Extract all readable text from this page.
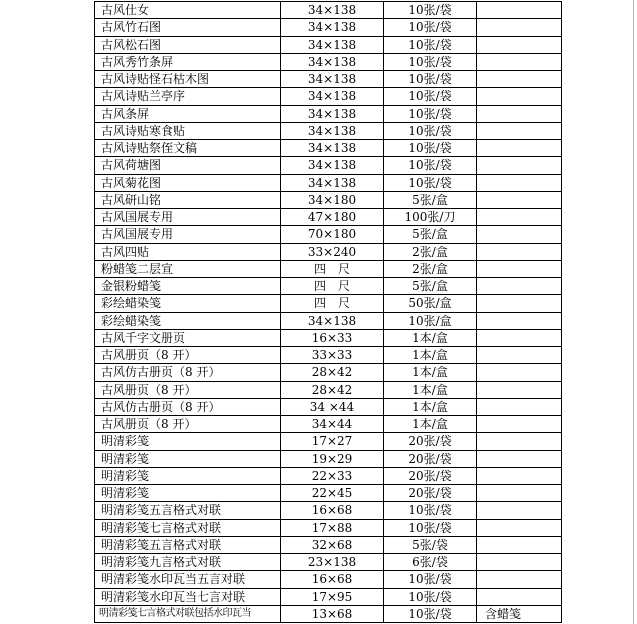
古风仕女	34×138	10张/袋	
古风竹石图	34×138	10张/袋	
古风松石图	34×138	10张/袋	
古风秀竹条屏	34×138	10张/袋	
古风诗贴怪石枯木图	34×138	10张/袋	
古风诗贴兰亭序	34×138	10张/袋	
古风条屏	34×138	10张/袋	
古风诗贴寒食贴	34×138	10张/袋	
古风诗贴祭侄文稿	34×138	10张/袋	
古风荷塘图	34×138	10张/袋	
古风菊花图	34×138	10张/袋	
古风研山铭	34×180	5张/盒	
古风国展专用	47×180	100张/刀	
古风国展专用	70×180	5张/盒	
古风四贴	33×240	2张/盒	
粉蜡笺二层宣	四　尺	2张/盒	
金银粉蜡笺	四　尺	5张/盒	
彩绘蜡染笺	四　尺	50张/盒	
彩绘蜡染笺	34×138	10张/盒	
古风千字文册页	16×33	1本/盒	
古风册页（8 开）	33×33	1本/盒	
古风仿古册页（8 开）	28×42	1本/盒	
古风册页（8 开）	28×42	1本/盒	
古风仿古册页（8 开）	34 ×44	1本/盒	
古风册页（8 开）	34×44	1本/盒	
明清彩笺	17×27	20张/袋	
明清彩笺	19×29	20张/袋	
明清彩笺	22×33	20张/袋	
明清彩笺	22×45	20张/袋	
明清彩笺五言格式对联	16×68	10张/袋	
明清彩笺七言格式对联	17×88	10张/袋	
明清彩笺五言格式对联	32×68	5张/袋	
明清彩笺九言格式对联	23×138	6张/袋	
明清彩笺水印瓦当五言对联	16×68	10张/袋	
明清彩笺水印瓦当七言对联	17×95	10张/袋	
明清彩笺七言格式对联包括水印瓦当	13×68	10张/袋	含蜡笺
